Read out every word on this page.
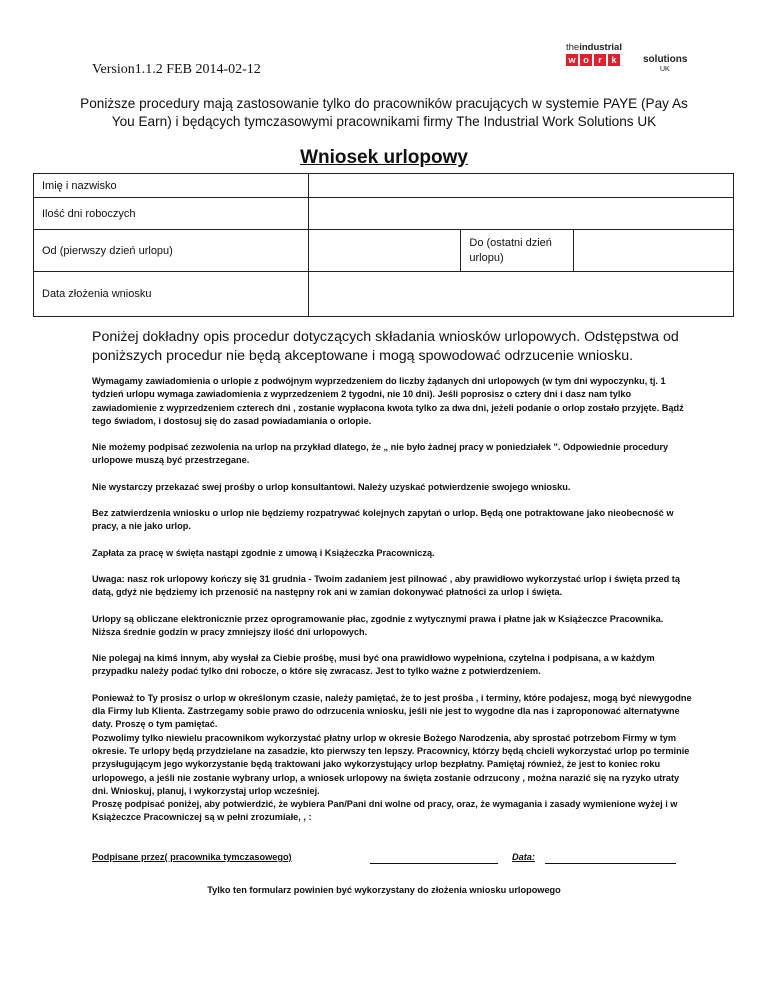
Version1.1.2 FEB 2014-02-12
theindustrial
w o	r	k	solutions
UK
Poniższe procedury mają zastosowanie tylko do pracowników pracujących w systemie PAYE (Pay As You Earn) i będących tymczasowymi pracownikami firmy The Industrial Work Solutions UK
Wniosek urlopowy
Imię i nazwisko			
Ilość dni roboczych			
Od (pierwszy dzień urlopu)		Do (ostatni dzień urlopu)	
Data złożenia wniosku			
Poniżej dokładny opis procedur dotyczących składania wniosków urlopowych. Odstępstwa od poniższych procedur nie będą akceptowane i mogą spowodować odrzucenie wniosku.

Wymagamy zawiadomienia o urlopie z podwójnym wyprzedzeniem do liczby żądanych dni urlopowych (w tym dni wypoczynku, tj. 1 tydzień urlopu wymaga zawiadomienia z wyprzedzeniem 2 tygodni, nie 10 dni). Jeśli poprosisz o cztery dni i dasz nam tylko zawiadomienie z wyprzedzeniem czterech dni , zostanie wypłacona kwota tylko za dwa dni, jeżeli podanie o orlop zostało przyjęte. Bądź tego świadom, i dostosuj się do zasad powiadamiania o orlopie.

Nie możemy podpisać zezwolenia na urlop na przykład dlatego, że „ nie było żadnej pracy w poniedziałek ". Odpowiednie procedury urlopowe muszą być przestrzegane.

Nie wystarczy przekazać swej prośby o urlop konsultantowi. Należy uzyskać potwierdzenie swojego wniosku.

Bez zatwierdzenia wniosku o urlop nie będziemy rozpatrywać kolejnych zapytań o urlop. Będą one potraktowane jako nieobecność w pracy, a nie jako urlop.

Zapłata za pracę w święta nastąpi zgodnie z umową i Książeczka Pracowniczą.

Uwaga: nasz rok urlopowy kończy się 31 grudnia - Twoim zadaniem jest pilnować , aby prawidłowo wykorzystać urlop i święta przed tą datą, gdyż nie będziemy ich przenosić na następny rok ani w zamian dokonywać płatności za urlop i święta.

Urlopy są obliczane elektronicznie przez oprogramowanie płac, zgodnie z wytycznymi prawa i płatne jak w Książeczce Pracownika. Niższa średnie godzin w pracy zmniejszy ilość dni urlopowych.

Nie polegaj na kimś innym, aby wysłał za Ciebie prośbę, musi być ona prawidłowo wypełniona, czytelna i podpisana, a w każdym przypadku należy podać tylko dni robocze, o które się zwracasz. Jest to tylko ważne z potwierdzeniem.

Ponieważ to Ty prosisz o urlop w określonym czasie, należy pamiętać, że to jest prośba , i terminy, które podajesz, mogą być niewygodne dla Firmy lub Klienta. Zastrzegamy sobie prawo do odrzucenia wniosku, jeśli nie jest to wygodne dla nas i zaproponować alternatywne daty. Proszę o tym pamiętać.

Pozwolimy tylko niewielu pracownikom wykorzystać płatny urlop w okresie Bożego Narodzenia, aby sprostać potrzebom Firmy w tym okresie. Te urlopy będą przydzielane na zasadzie, kto pierwszy ten lepszy. Pracownicy, którzy będą chcieli wykorzystać urlop po terminie przysługującym jego wykorzystanie będą traktowani jako wykorzystujący urlop bezpłatny. Pamiętaj również, że jest to koniec roku urlopowego, a jeśli nie zostanie wybrany urlop, a wniosek urlopowy na święta zostanie odrzucony , można narazić się na ryzyko utraty dni. Wnioskuj, planuj, i wykorzystaj urlop wcześniej.

Proszę podpisać poniżej, aby potwierdzić, że wybiera Pan/Pani dni wolne od pracy, oraz, że wymagania i zasady wymienione wyżej i w Książeczce Pracowniczej są w pełni zrozumiałe, , :

Podpisane przez( pracownika tymczasowego)	Data:
Tylko ten formularz powinien być wykorzystany do złożenia wniosku urlopowego
